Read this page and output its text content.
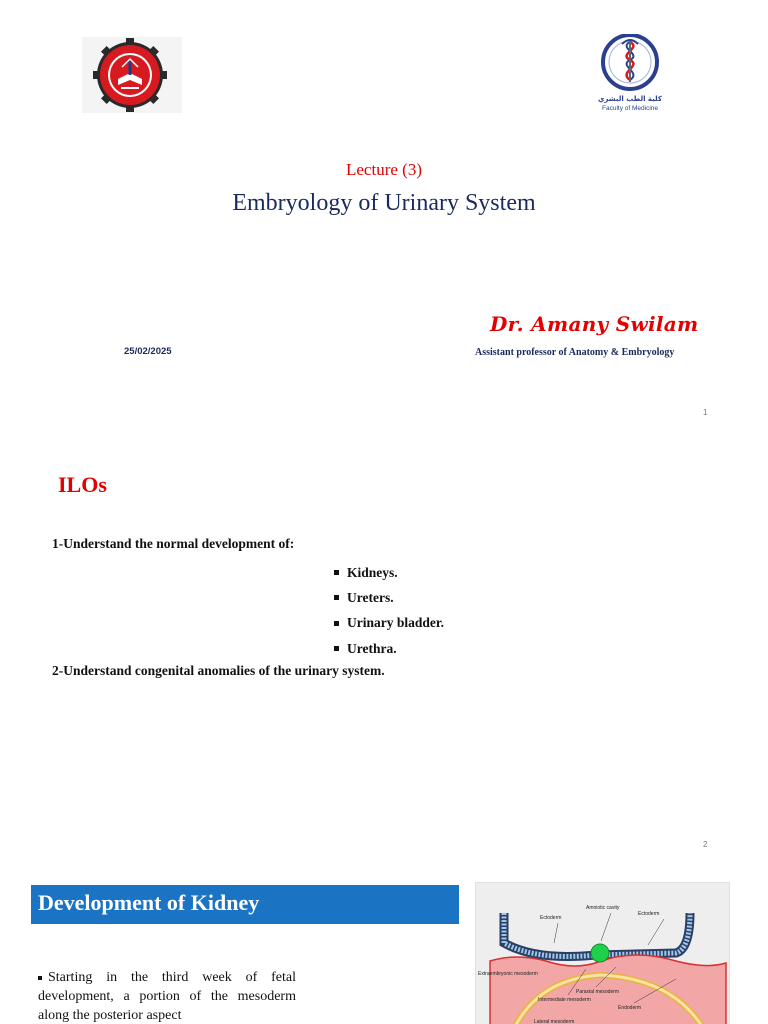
كلية الطب البشري
Faculty of Medicine
Lecture (3)
Embryology of Urinary System
25/02/2025
Dr. Amany Swilam
Assistant professor of Anatomy & Embryology
1
ILOs
1-Understand the normal development of:
Kidneys.
Ureters.
Urinary bladder.
Urethra.
2-Understand congenital anomalies of the urinary system.
2
Development of Kidney
Starting in the third week of fetal development, a portion of the mesoderm along the posterior aspect
Ectoderm
Amniotic cavity
Ectoderm
Extraembryonic mesoderm
Paraxial mesoderm
Intermediate mesoderm
Lateral mesoderm
Endoderm
